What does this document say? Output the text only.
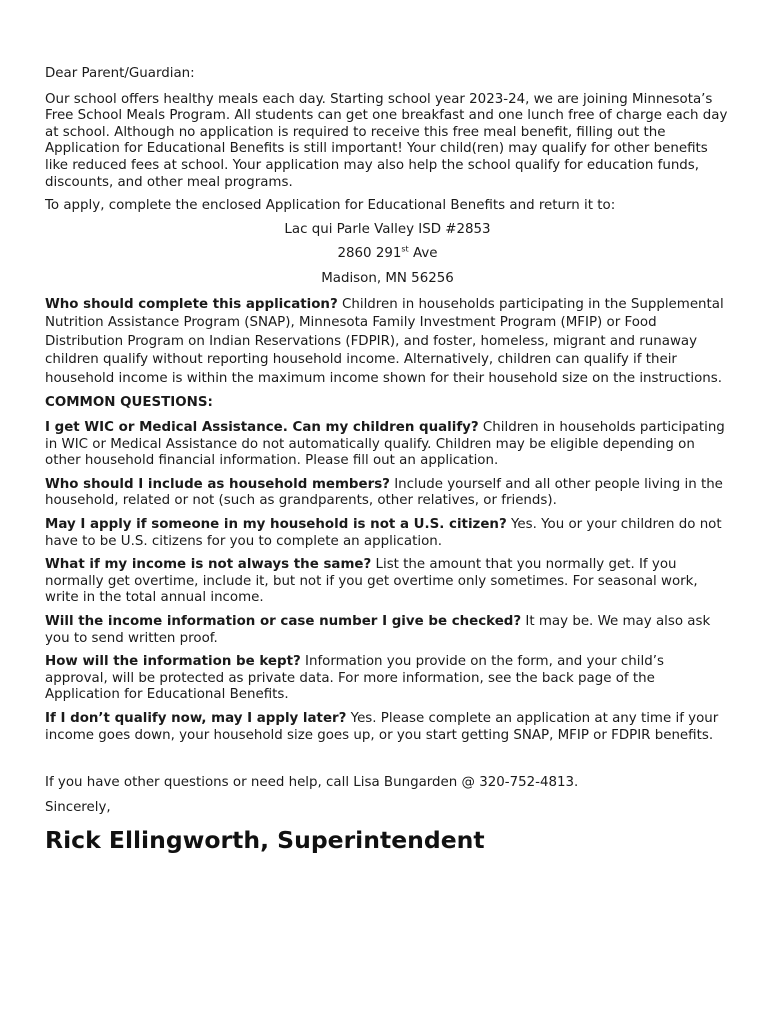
Dear Parent/Guardian:

Our school offers healthy meals each day. Starting school year 2023-24, we are joining Minnesota’s Free School Meals Program. All students can get one breakfast and one lunch free of charge each day at school. Although no application is required to receive this free meal benefit, filling out the Application for Educational Benefits is still important! Your child(ren) may qualify for other benefits like reduced fees at school. Your application may also help the school qualify for education funds, discounts, and other meal programs.

To apply, complete the enclosed Application for Educational Benefits and return it to:

Lac qui Parle Valley ISD #2853

2860 291st Ave

Madison, MN 56256

Who should complete this application? Children in households participating in the Supplemental Nutrition Assistance Program (SNAP), Minnesota Family Investment Program (MFIP) or Food Distribution Program on Indian Reservations (FDPIR), and foster, homeless, migrant and runaway children qualify without reporting household income. Alternatively, children can qualify if their household income is within the maximum income shown for their household size on the instructions.

COMMON QUESTIONS:

I get WIC or Medical Assistance. Can my children qualify? Children in households participating in WIC or Medical Assistance do not automatically qualify. Children may be eligible depending on other household financial information. Please fill out an application.

Who should I include as household members? Include yourself and all other people living in the household, related or not (such as grandparents, other relatives, or friends).

May I apply if someone in my household is not a U.S. citizen? Yes. You or your children do not have to be U.S. citizens for you to complete an application.

What if my income is not always the same? List the amount that you normally get. If you normally get overtime, include it, but not if you get overtime only sometimes. For seasonal work, write in the total annual income.

Will the income information or case number I give be checked? It may be. We may also ask you to send written proof.

How will the information be kept? Information you provide on the form, and your child’s approval, will be protected as private data. For more information, see the back page of the Application for Educational Benefits.

If I don’t qualify now, may I apply later? Yes. Please complete an application at any time if your income goes down, your household size goes up, or you start getting SNAP, MFIP or FDPIR benefits.

If you have other questions or need help, call Lisa Bungarden @ 320-752-4813.

Sincerely,

Rick Ellingworth, Superintendent
